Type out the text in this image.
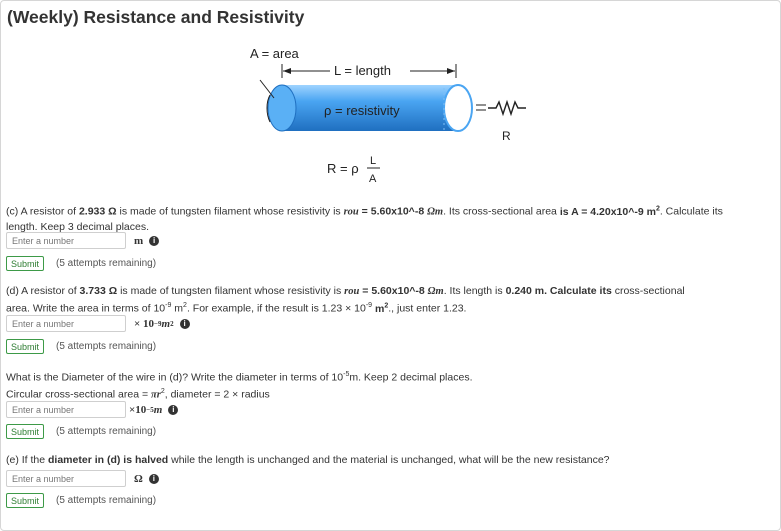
(Weekly) Resistance and Resistivity
A = area
L = length
ρ = resistivity
R
R = ρ L
A
(c) A resistor of 2.933 Ω is made of tungsten filament whose resistivity is rou = 5.60x10^-8 Ωm. Its cross-sectional area is A = 4.20x10^-9 $m^2$. Calculate its
length. Keep 3 decimal places.
Enter a number	m	i
Submit	(5 attempts remaining)
(d) A resistor of 3.733 Ω is made of tungsten filament whose resistivity is rou = 5.60x10^-8 Ωm. Its length is 0.240 m. Calculate its cross-sectional
area. Write the area in terms of $10^{-9}$ $m^2$. For example, if the result is $1.23 \times 10^{-9}$ $m^2$., just enter 1.23.
Enter a number	× 10 −9 m 2	i
Submit	(5 attempts remaining)
What is the Diameter of the wire in (d)? Write the diameter in terms of $10^{-5}m$. Keep 2 decimal places.
Circular cross-sectional area = $\pi r^2$, diameter = 2 × radius
Enter a number	×10 −5 m	i
Submit	(5 attempts remaining)
(e) If the diameter in (d) is halved while the length is unchanged and the material is unchanged, what will be the new resistance?
Enter a number	Ω	i
Submit	(5 attempts remaining)
